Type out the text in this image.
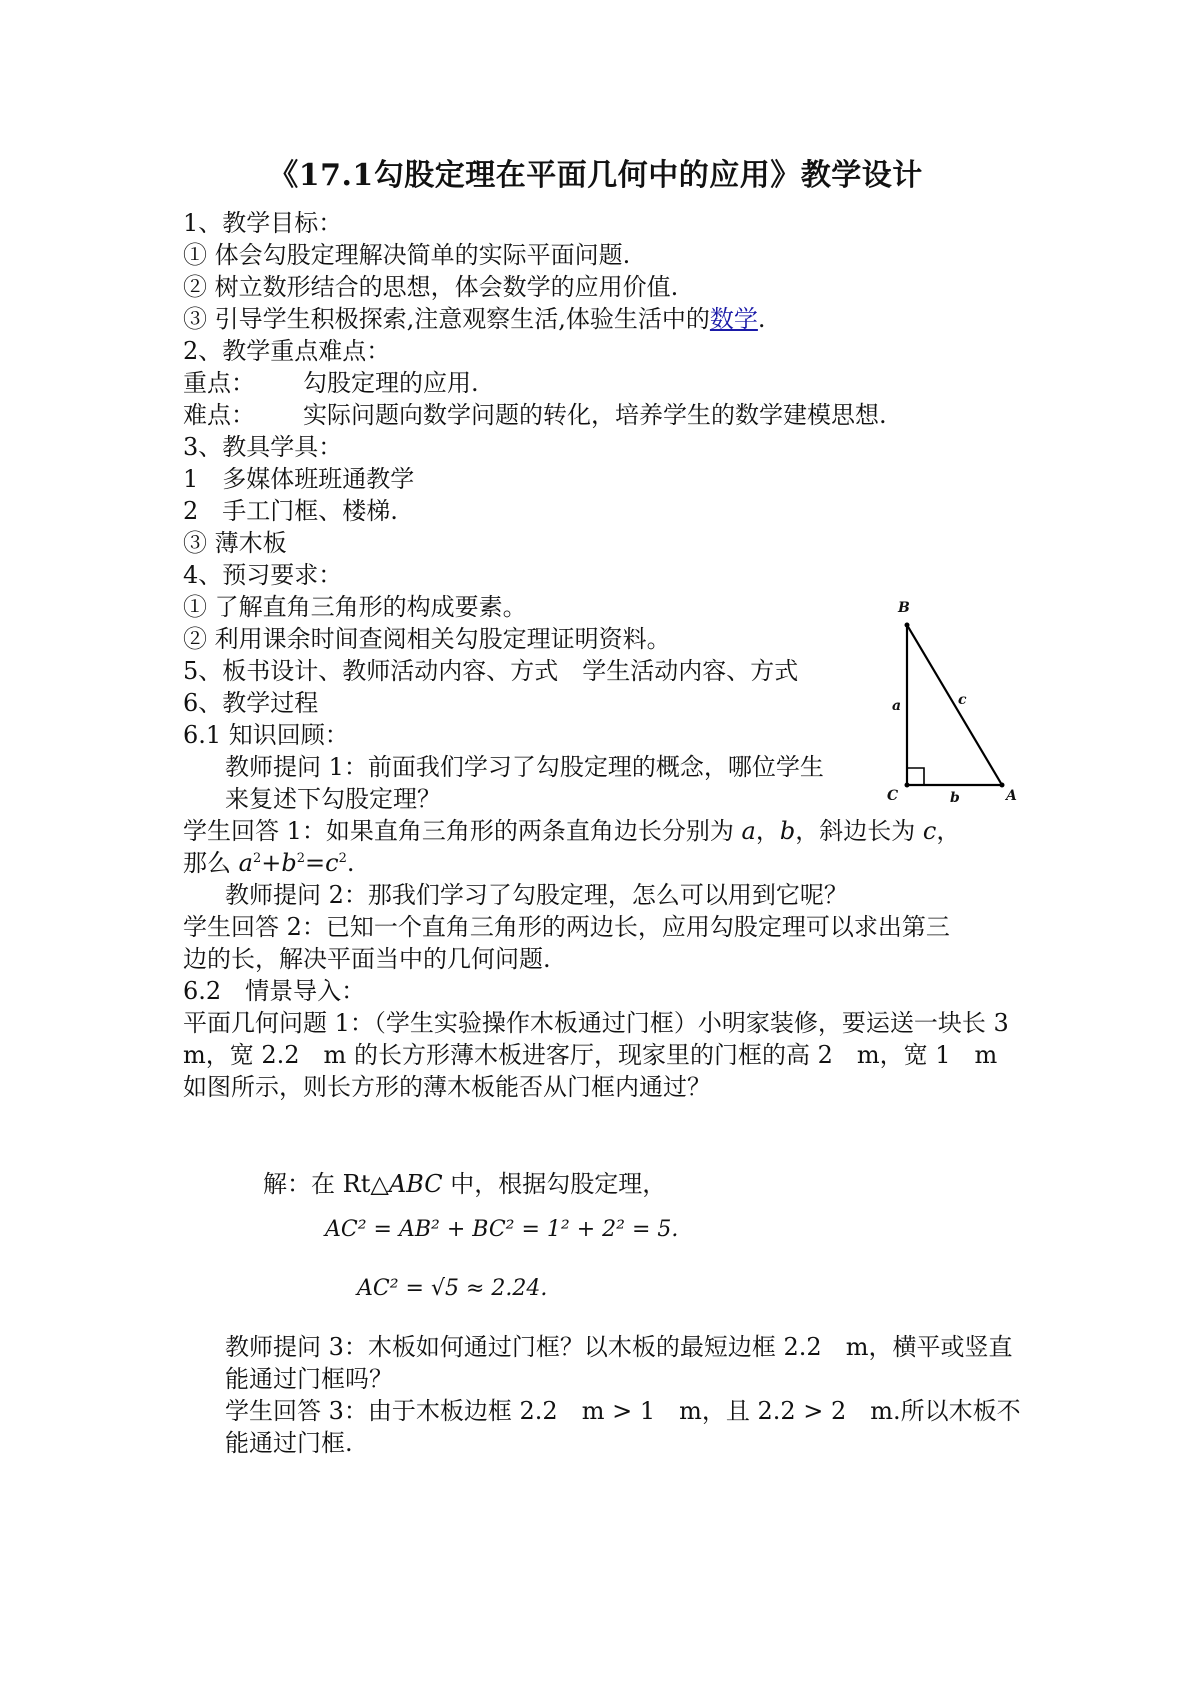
《17.1勾股定理在平面几何中的应用》教学设计

1、教学目标：

① 体会勾股定理解决简单的实际平面问题.

② 树立数形结合的思想，体会数学的应用价值.

③ 引导学生积极探索,注意观察生活,体验生活中的数学.

2、教学重点难点：

重点： 勾股定理的应用.

难点： 实际问题向数学问题的转化，培养学生的数学建模思想.

3、教具学具：

1　多媒体班班通教学

2　手工门框、楼梯.

③ 薄木板

4、预习要求：

① 了解直角三角形的构成要素。

② 利用课余时间查阅相关勾股定理证明资料。

5、板书设计、教师活动内容、方式　学生活动内容、方式

6、教学过程

6.1 知识回顾：

教师提问 1：前面我们学习了勾股定理的概念，哪位学生来复述下勾股定理？

学生回答 1：如果直角三角形的两条直角边长分别为 a，b，斜边长为 c，那么 $a^2+b^2=c^2$.

教师提问 2：那我们学习了勾股定理，怎么可以用到它呢？

学生回答 2：已知一个直角三角形的两边长，应用勾股定理可以求出第三边的长，解决平面当中的几何问题.

6.2　情景导入：

平面几何问题 1：（学生实验操作木板通过门框）小明家装修，要运送一块长 3　m，宽 2.2　m 的长方形薄木板进客厅，现家里的门框的高 2　m，宽 1　m 如图所示，则长方形的薄木板能否从门框内通过？

解：在 Rt△ABC 中，根据勾股定理，
AC² = AB² + BC² = 1² + 2² = 5.
AC² = √5 ≈ 2.24.

教师提问 3：木板如何通过门框？以木板的最短边框 2.2　m，横平或竖直能通过门框吗？

学生回答 3：由于木板边框 2.2　m > 1　m，且 2.2 > 2　m.所以木板不能通过门框.

B
C	A
a
b
c
